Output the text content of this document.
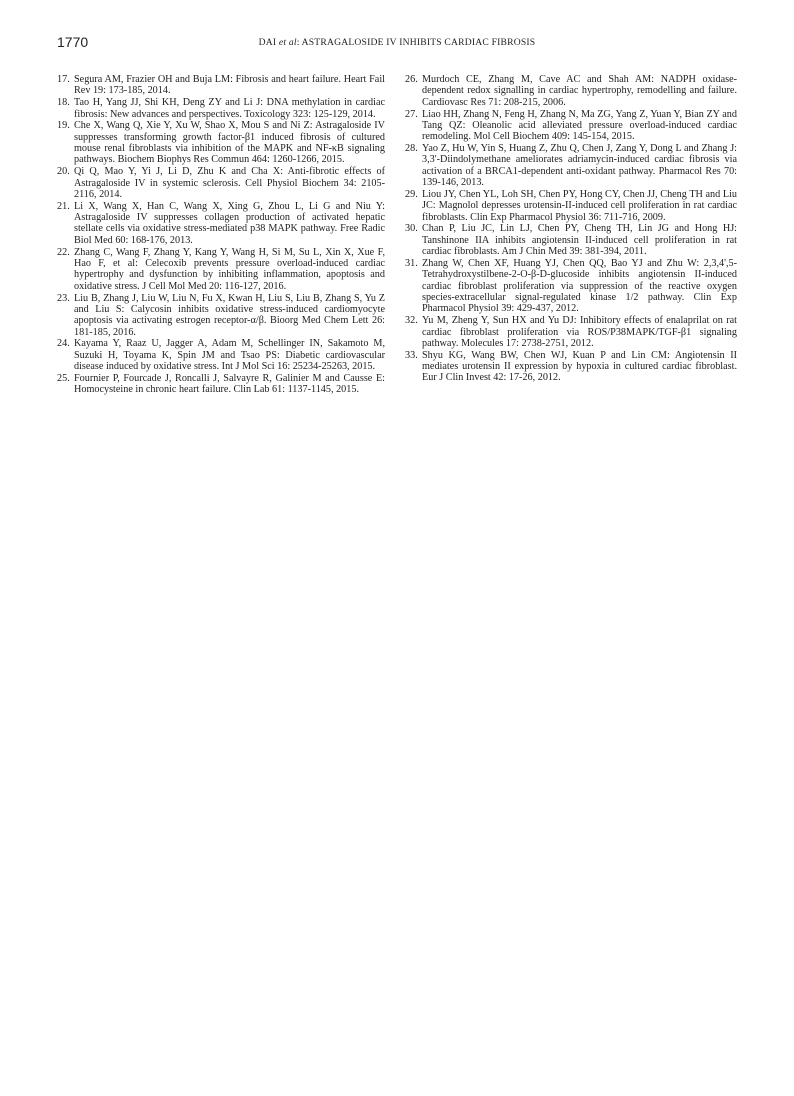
1770	DAI et al: ASTRAGALOSIDE IV INHIBITS CARDIAC FIBROSIS
17. Segura AM, Frazier OH and Buja LM: Fibrosis and heart failure. Heart Fail Rev 19: 173-185, 2014.
18. Tao H, Yang JJ, Shi KH, Deng ZY and Li J: DNA methylation in cardiac fibrosis: New advances and perspectives. Toxicology 323: 125-129, 2014.
19. Che X, Wang Q, Xie Y, Xu W, Shao X, Mou S and Ni Z: Astragaloside IV suppresses transforming growth factor-β1 induced fibrosis of cultured mouse renal fibroblasts via inhibition of the MAPK and NF-κB signaling pathways. Biochem Biophys Res Commun 464: 1260-1266, 2015.
20. Qi Q, Mao Y, Yi J, Li D, Zhu K and Cha X: Anti-fibrotic effects of Astragaloside IV in systemic sclerosis. Cell Physiol Biochem 34: 2105-2116, 2014.
21. Li X, Wang X, Han C, Wang X, Xing G, Zhou L, Li G and Niu Y: Astragaloside IV suppresses collagen production of activated hepatic stellate cells via oxidative stress-mediated p38 MAPK pathway. Free Radic Biol Med 60: 168-176, 2013.
22. Zhang C, Wang F, Zhang Y, Kang Y, Wang H, Si M, Su L, Xin X, Xue F, Hao F, et al: Celecoxib prevents pressure overload-induced cardiac hypertrophy and dysfunction by inhibiting inflammation, apoptosis and oxidative stress. J Cell Mol Med 20: 116-127, 2016.
23. Liu B, Zhang J, Liu W, Liu N, Fu X, Kwan H, Liu S, Liu B, Zhang S, Yu Z and Liu S: Calycosin inhibits oxidative stress-induced cardiomyocyte apoptosis via activating estrogen receptor-α/β. Bioorg Med Chem Lett 26: 181-185, 2016.
24. Kayama Y, Raaz U, Jagger A, Adam M, Schellinger IN, Sakamoto M, Suzuki H, Toyama K, Spin JM and Tsao PS: Diabetic cardiovascular disease induced by oxidative stress. Int J Mol Sci 16: 25234-25263, 2015.
25. Fournier P, Fourcade J, Roncalli J, Salvayre R, Galinier M and Causse E: Homocysteine in chronic heart failure. Clin Lab 61: 1137-1145, 2015.
26. Murdoch CE, Zhang M, Cave AC and Shah AM: NADPH oxidase-dependent redox signalling in cardiac hypertrophy, remodelling and failure. Cardiovasc Res 71: 208-215, 2006.
27. Liao HH, Zhang N, Feng H, Zhang N, Ma ZG, Yang Z, Yuan Y, Bian ZY and Tang QZ: Oleanolic acid alleviated pressure overload-induced cardiac remodeling. Mol Cell Biochem 409: 145-154, 2015.
28. Yao Z, Hu W, Yin S, Huang Z, Zhu Q, Chen J, Zang Y, Dong L and Zhang J: 3,3'-Diindolymethane ameliorates adriamycin-induced cardiac fibrosis via activation of a BRCA1-dependent anti-oxidant pathway. Pharmacol Res 70: 139-146, 2013.
29. Liou JY, Chen YL, Loh SH, Chen PY, Hong CY, Chen JJ, Cheng TH and Liu JC: Magnolol depresses urotensin-II-induced cell proliferation in rat cardiac fibroblasts. Clin Exp Pharmacol Physiol 36: 711-716, 2009.
30. Chan P, Liu JC, Lin LJ, Chen PY, Cheng TH, Lin JG and Hong HJ: Tanshinone IIA inhibits angiotensin II-induced cell proliferation in rat cardiac fibroblasts. Am J Chin Med 39: 381-394, 2011.
31. Zhang W, Chen XF, Huang YJ, Chen QQ, Bao YJ and Zhu W: 2,3,4',5-Tetrahydroxystilbene-2-O-β-D-glucoside inhibits angiotensin II-induced cardiac fibroblast proliferation via suppression of the reactive oxygen species-extracellular signal-regulated kinase 1/2 pathway. Clin Exp Pharmacol Physiol 39: 429-437, 2012.
32. Yu M, Zheng Y, Sun HX and Yu DJ: Inhibitory effects of enalaprilat on rat cardiac fibroblast proliferation via ROS/P38MAPK/TGF-β1 signaling pathway. Molecules 17: 2738-2751, 2012.
33. Shyu KG, Wang BW, Chen WJ, Kuan P and Lin CM: Angiotensin II mediates urotensin II expression by hypoxia in cultured cardiac fibroblast. Eur J Clin Invest 42: 17-26, 2012.
